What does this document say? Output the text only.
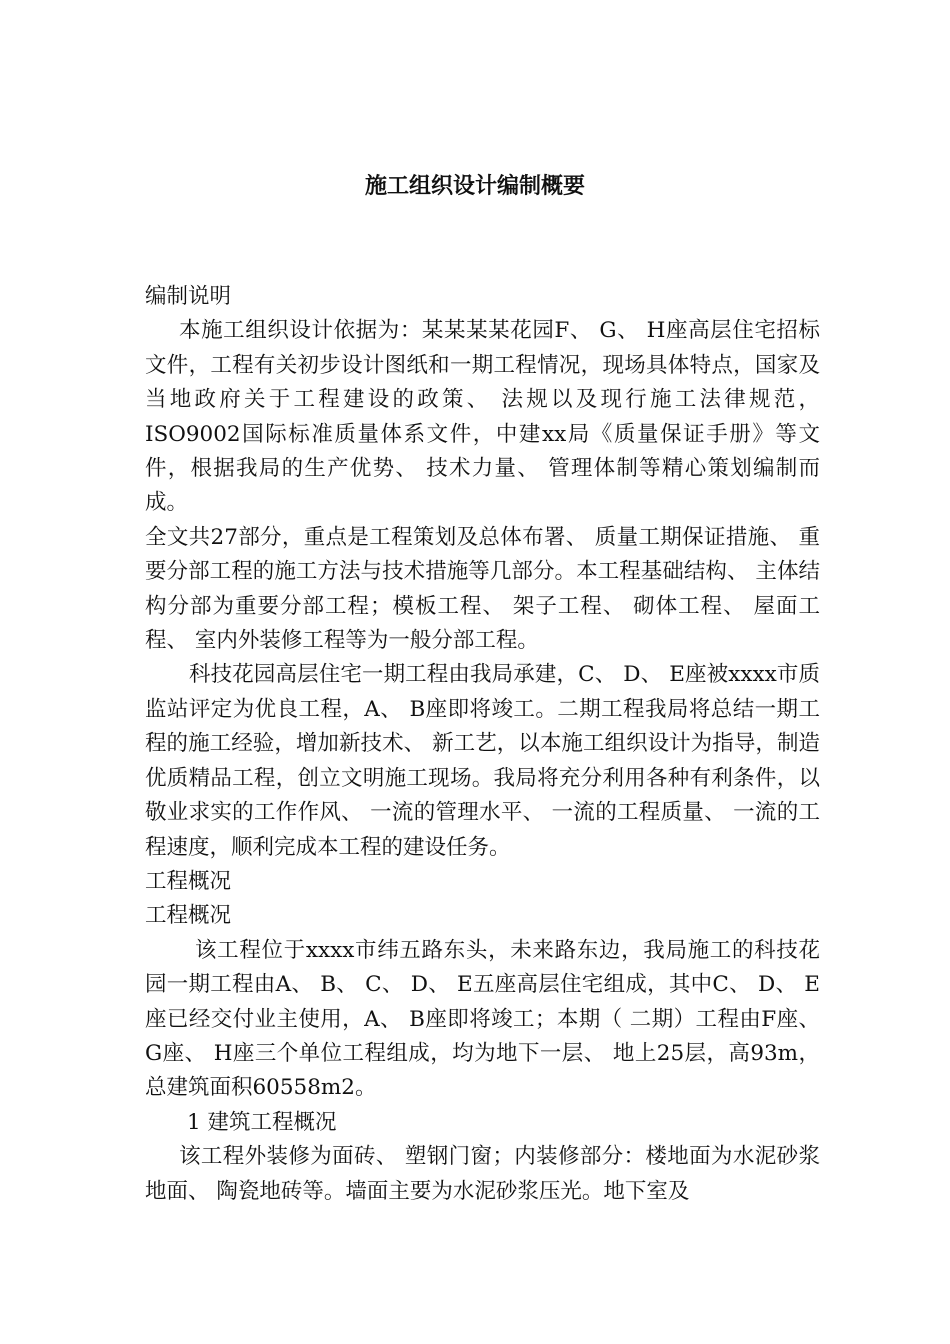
施工组织设计编制概要

编制说明

本施工组织设计依据为：某某某某花园F、 G、 H座高层住宅招标文件，工程有关初步设计图纸和一期工程情况，现场具体特点，国家及当地政府关于工程建设的政策、 法规以及现行施工法律规范，ISO9002国际标准质量体系文件，中建xx局《质量保证手册》等文件，根据我局的生产优势、 技术力量、 管理体制等精心策划编制而成。

全文共27部分，重点是工程策划及总体布署、 质量工期保证措施、 重要分部工程的施工方法与技术措施等几部分。本工程基础结构、 主体结构分部为重要分部工程；模板工程、 架子工程、 砌体工程、 屋面工程、 室内外装修工程等为一般分部工程。

科技花园高层住宅一期工程由我局承建，C、 D、 E座被xxxx市质监站评定为优良工程，A、 B座即将竣工。二期工程我局将总结一期工程的施工经验，增加新技术、 新工艺，以本施工组织设计为指导，制造优质精品工程，创立文明施工现场。我局将充分利用各种有利条件，以敬业求实的工作作风、 一流的管理水平、 一流的工程质量、 一流的工程速度，顺利完成本工程的建设任务。

工程概况

工程概况

该工程位于xxxx市纬五路东头，未来路东边，我局施工的科技花园一期工程由A、 B、 C、 D、 E五座高层住宅组成，其中C、 D、 E座已经交付业主使用，A、 B座即将竣工；本期（ 二期）工程由F座、 G座、 H座三个单位工程组成，均为地下一层、 地上25层，高93m，总建筑面积60558m2。

1 建筑工程概况

该工程外装修为面砖、 塑钢门窗；内装修部分：楼地面为水泥砂浆地面、 陶瓷地砖等。墙面主要为水泥砂浆压光。地下室及
